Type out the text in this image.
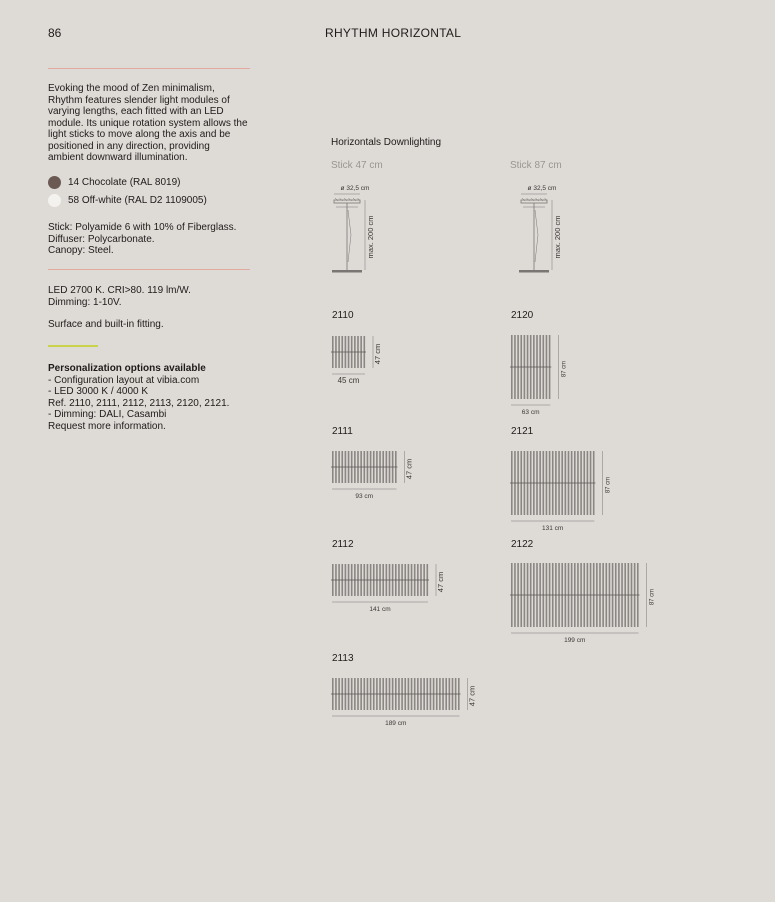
86	RHYTHM HORIZONTAL
Evoking the mood of Zen minimalism, Rhythm features slender light modules of varying lengths, each fitted with an LED module. Its unique rotation system allows the light sticks to move along the axis and be positioned in any direction, providing ambient downward illumination.
14 Chocolate (RAL 8019)
58 Off-white (RAL D2 1109005)
Stick: Polyamide 6 with 10% of Fiberglass.
Diffuser: Polycarbonate.
Canopy: Steel.
LED 2700 K. CRI>80. 119 lm/W.
Dimming: 1-10V.
Surface and built-in fitting.
Personalization options available
- Configuration layout at vibia.com
- LED 3000 K / 4000 K
Ref. 2110, 2111, 2112, 2113, 2120, 2121.
- Dimming: DALI, Casambi
Request more information.
Horizontals Downlighting
Stick 47 cm	Stick 87 cm
2110
2111
2112
2113
2120
2121
2122
ø 32,5 cm
max. 200 cm
ø 32,5 cm
max. 200 cm
47 cm
45 cm
47 cm
93 cm
47 cm
141 cm
47 cm
189 cm
87 cm
63 cm
87 cm
131 cm
87 cm
199 cm
